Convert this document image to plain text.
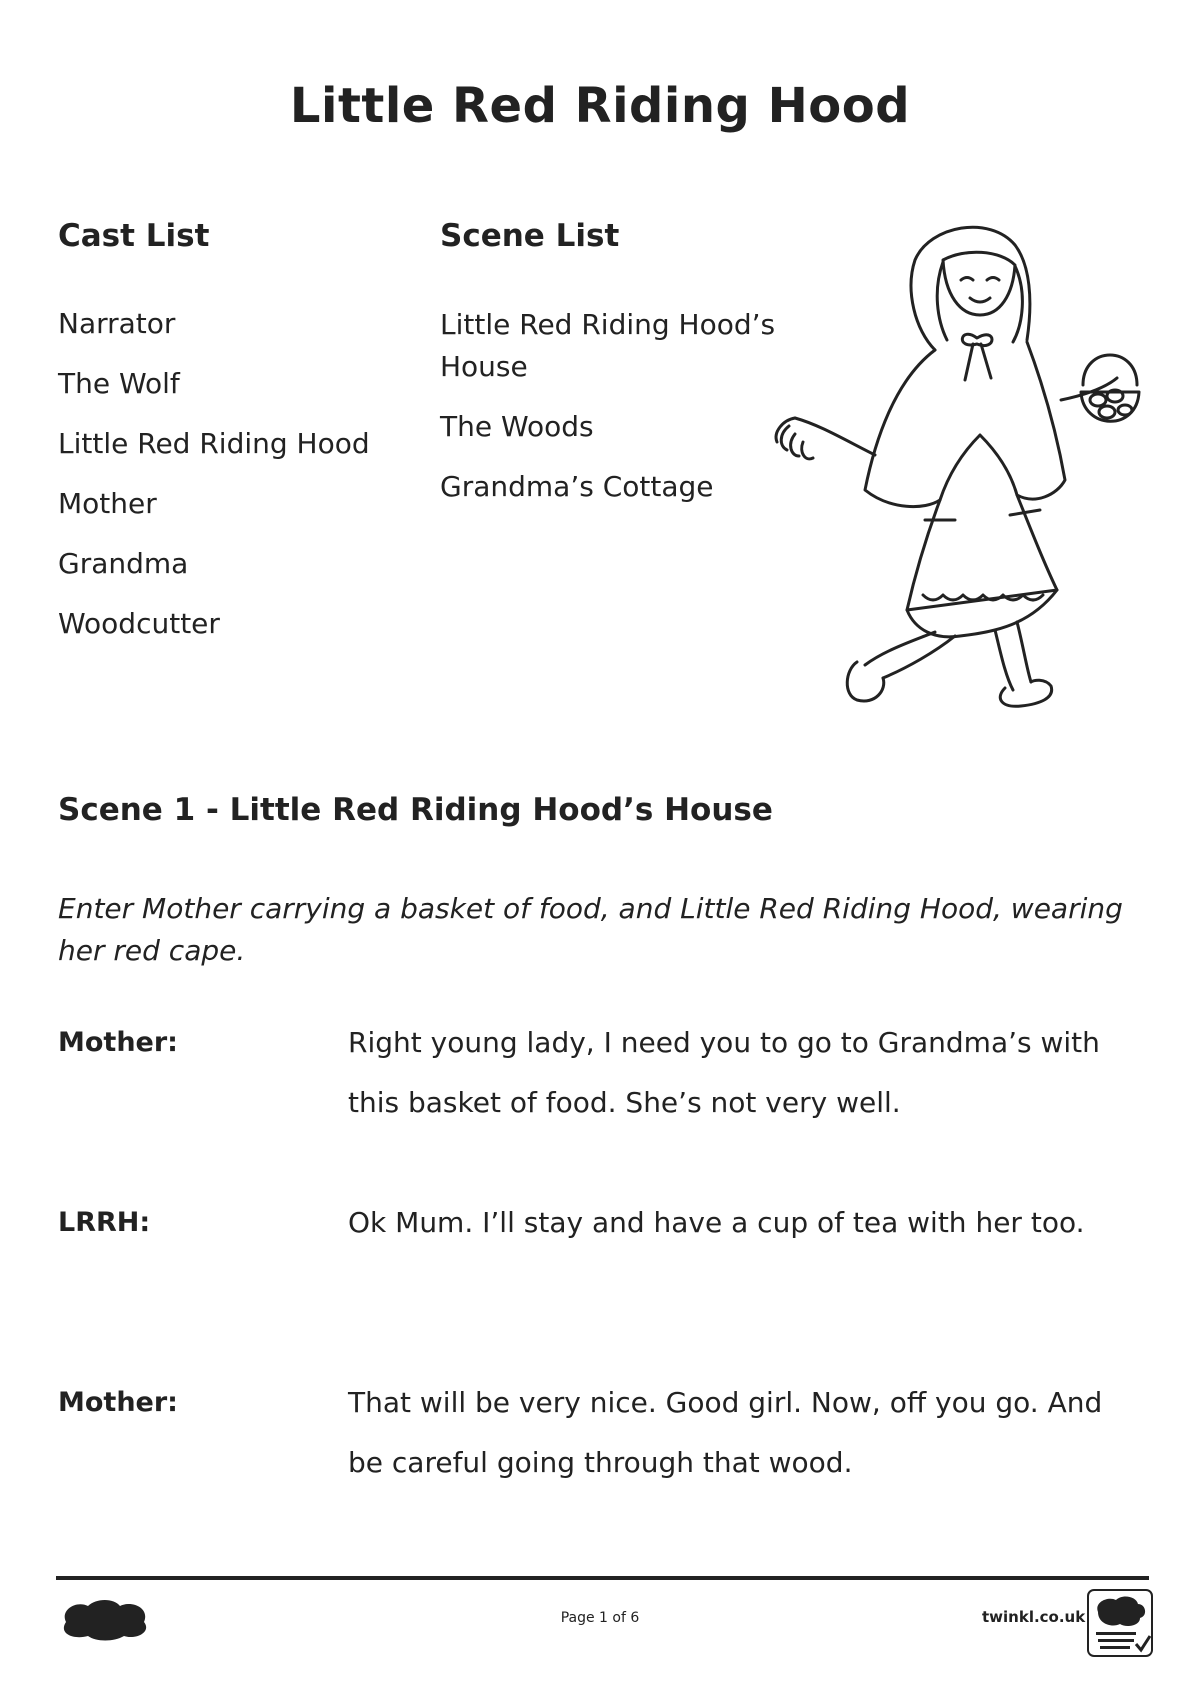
Little Red Riding Hood
Cast List
Narrator
The Wolf
Little Red Riding Hood
Mother
Grandma
Woodcutter
Scene List
Little Red Riding Hood’s House
The Woods
Grandma’s Cottage
Scene 1 - Little Red Riding Hood’s House

Enter Mother carrying a basket of food, and Little Red Riding Hood, wearing her red cape.

Mother:	Right young lady, I need you to go to Grandma’s with this basket of food. She’s not very well.
LRRH:	Ok Mum. I’ll stay and have a cup of tea with her too.
Mother:	That will be very nice. Good girl. Now, off you go. And be careful going through that wood.
Page 1 of 6	twinkl.co.uk
